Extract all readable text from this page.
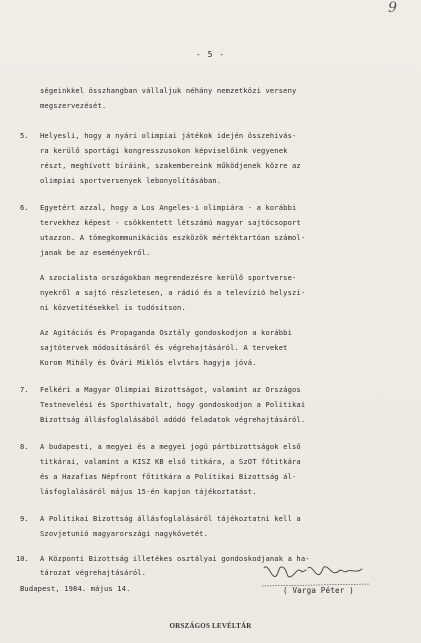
9
- 5 -
ségeinkkel összhangban vállaljuk néhány nemzetközi verseny
megszervezését.
5. Helyesli, hogy a nyári olimpiai játékok idején összehívás-
ra kerülő sportági kongresszusokon képviselőink vegyenek
részt, meghívott bíráink, szakembereink működjenek közre az
olimpiai sportversenyek lebonyolításában.
6. Egyetért azzal, hogy a Los Angeles-i olimpiára - a korábbi
tervekhez képest - csökkentett létszámú magyar sajtócsoport
utazzon. A tömegkommunikációs eszközök mértéktartóan számol-
janak be az eseményekről.
A szocialista országokban megrendezésre kerülő sportverse-
nyekről a sajtó részletesen, a rádió és a televízió helyszí-
ni közvetítésekkel is tudósítson.
Az Agitációs és Propaganda Osztály gondoskodjon a korábbi
sajtótervek módosításáról és végrehajtásáról. A terveket
Korom Mihály és Óvári Miklós elvtárs hagyja jóvá.
7. Felkéri a Magyar Olimpiai Bizottságot, valamint az Országos
Testnevelési és Sporthivatalt, hogy gondoskodjon a Politikai
Bizottság állásfoglalásából adódó feladatok végrehajtásáról.
8. A budapesti, a megyei és a megyei jogú pártbizottságok első
titkárai, valamint a KISZ KB első titkára, a SzOT főtitkára
és a Hazafias Népfront főtitkára a Politikai Bizottság ál-
lásfoglalásáról május 15-én kapjon tájékoztatást.
9. A Politikai Bizottság állásfoglalásáról tájékoztatni kell a
Szovjetunió magyarországi nagykövetét.
10. A Központi Bizottság illetékes osztályai gondoskodjanak a ha-
tározat végrehajtásáról.
Budapest, 1984. május 14.	( Varga Péter )
ORSZÁGOS LEVÉLTÁR
